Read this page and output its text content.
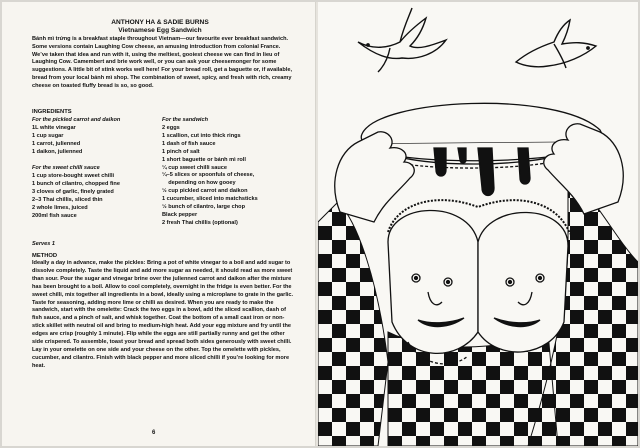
ANTHONY HA & SADIE BURNS
Vietnamese Egg Sandwich
Bánh mì trứng is a breakfast staple throughout Vietnam—our favourite ever breakfast sandwich. Some versions contain Laughing Cow cheese, an amusing introduction from colonial France. We’ve taken that idea and run with it, using the meltiest, gooiest cheese we can find in lieu of Laughing Cow. Camembert and brie work well, or you can ask your cheesemonger for some suggestions. A little bit of stink works well here! For your bread roll, get a baguette or, if available, bread from your local bánh mì shop. The combination of sweet, spicy, and fresh with rich, creamy cheese on toasted fluffy bread is so, so good.
INGREDIENTS
For the pickled carrot and daikon
1L white vinegar
1 cup sugar
1 carrot, julienned
1 daikon, julienned
For the sweet chilli sauce
1 cup store-bought sweet chilli
1 bunch of cilantro, chopped fine
3 cloves of garlic, finely grated
2–3 Thai chillis, sliced thin
2 whole limes, juiced
200ml fish sauce
For the sandwich
2 eggs
1 scallion, cut into thick rings
1 dash of fish sauce
1 pinch of salt
1 short baguette or bánh mì roll
¼ cup sweet chilli sauce
¼–5 slices or spoonfuls of cheese,
depending on how gooey
½ cup pickled carrot and daikon
1 cucumber, sliced into matchsticks
½ bunch of cilantro, large chop
Black pepper
2 fresh Thai chillis (optional)
Serves 1
METHOD
Ideally a day in advance, make the pickles: Bring a pot of white vinegar to a boil and add sugar to dissolve completely. Taste the liquid and add more sugar as needed, it should read as more sweet than sour. Pour the sugar and vinegar brine over the julienned carrot and daikon after the mixture has been brought to a boil. Allow to cool completely, overnight in the fridge is even better. For the sweet chilli, mix together all ingredients in a bowl, ideally using a microplane to grate in the garlic. Taste for seasoning, adding more lime or chilli as desired. When you are ready to make the sandwich, start with the omelette: Crack the two eggs in a bowl, add the sliced scallion, dash of fish sauce, and a pinch of salt, and whisk together. Coat the bottom of a small cast iron or non-stick skillet with neutral oil and bring to medium-high heat. Add your egg mixture and fry until the edges are crisp (roughly 1 minute). Flip while the eggs are still partially runny and get the other side crispered. To assemble, toast your bread and spread both sides generously with sweet chilli. Lay in your omelette on one side and your cheese on the other. Top the omelette with pickles, cucumber, and cilantro. Finish with black pepper and more sliced chilli if you’re looking for more heat.
6
